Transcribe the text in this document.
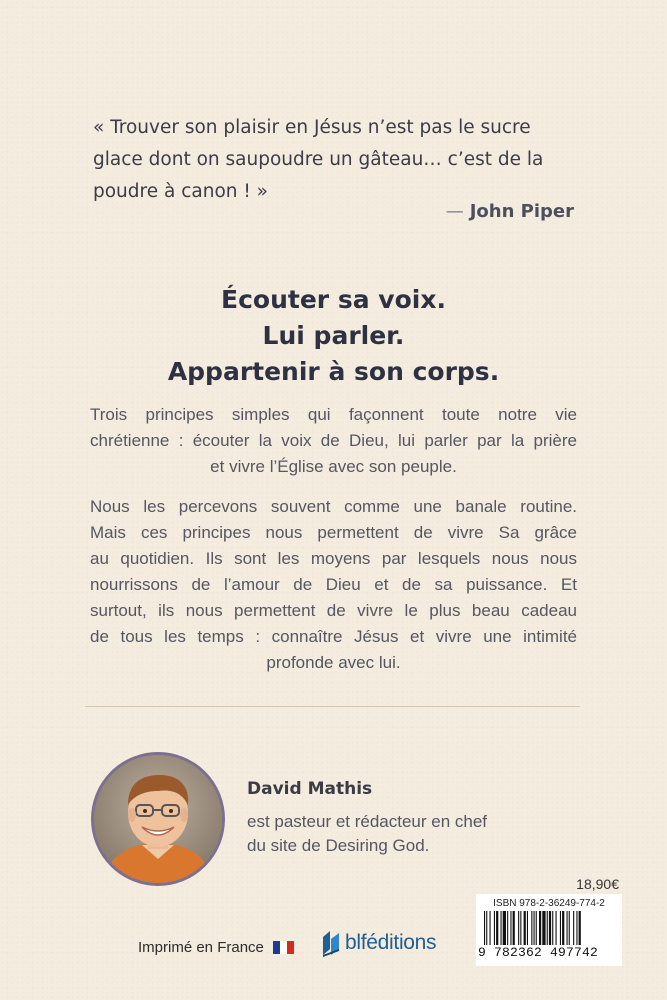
« Trouver son plaisir en Jésus n’est pas le sucre
glace dont on saupoudre un gâteau… c’est de la
poudre à canon ! »
— John Piper
Écouter sa voix.
Lui parler.
Appartenir à son corps.
Trois principes simples qui façonnent toute notre vie
chrétienne : écouter la voix de Dieu, lui parler par la prière
et vivre l’Église avec son peuple.
Nous les percevons souvent comme une banale routine.
Mais ces principes nous permettent de vivre Sa grâce
au quotidien. Ils sont les moyens par lesquels nous nous
nourrissons de l’amour de Dieu et de sa puissance. Et
surtout, ils nous permettent de vivre le plus beau cadeau
de tous les temps : connaître Jésus et vivre une intimité
profonde avec lui.
David Mathis
est pasteur et rédacteur en chef
du site de Desiring God.
18,90€
ISBN 978-2-36249-774-2
9 782362 497742
Imprimé en France	blféditions
